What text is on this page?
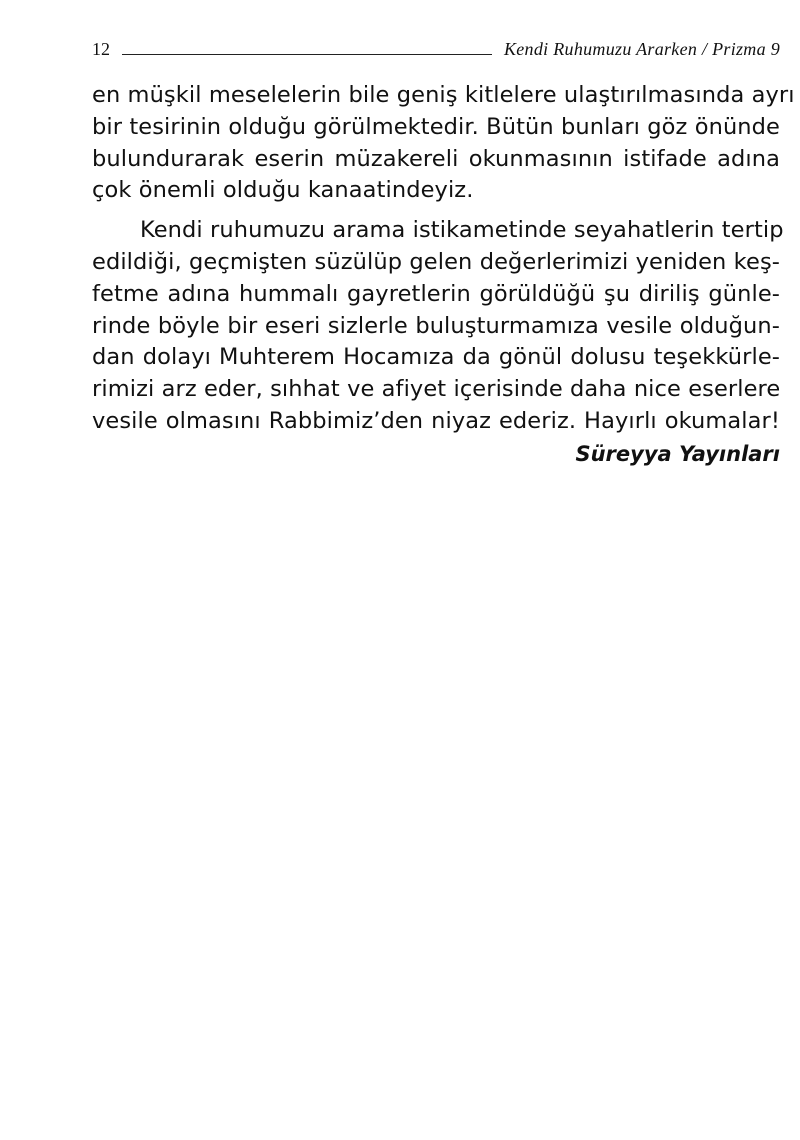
12	Kendi Ruhumuzu Ararken / Prizma 9
en müşkil meselelerin bile geniş kitlelere ulaştırılmasında ayrı
bir tesirinin olduğu görülmektedir. Bütün bunları göz önünde
bulundurarak eserin müzakereli okunmasının istifade adına
çok önemli olduğu kanaatindeyiz.
Kendi ruhumuzu arama istikametinde seyahatlerin tertip
edildiği, geçmişten süzülüp gelen değerlerimizi yeniden keş-
fetme adına hummalı gayretlerin görüldüğü şu diriliş günle-
rinde böyle bir eseri sizlerle buluşturmamıza vesile olduğun-
dan dolayı Muhterem Hocamıza da gönül dolusu teşekkürle-
rimizi arz eder, sıhhat ve afiyet içerisinde daha nice eserlere
vesile olmasını Rabbimiz’den niyaz ederiz. Hayırlı okumalar!
Süreyya Yayınları
